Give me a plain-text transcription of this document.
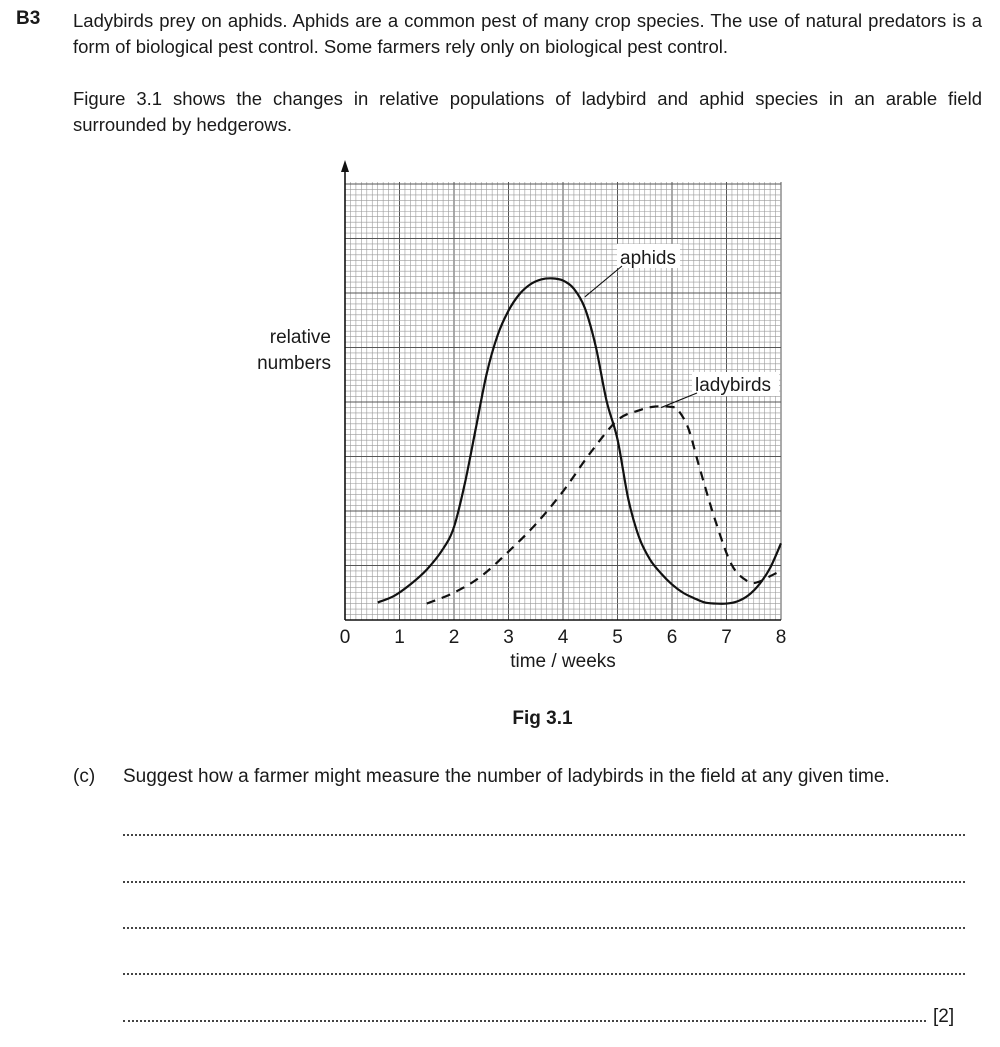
B3 Ladybirds prey on aphids. Aphids are a common pest of many crop species. The use of natural predators is a form of biological pest control. Some farmers rely only on biological pest control.

Figure 3.1 shows the changes in relative populations of ladybird and aphid species in an arable field surrounded by hedgerows.

0 1 2 3 4 5 6 7 8
time / weeks
relative
numbers
aphids
ladybirds
Fig 3.1
(c) Suggest how a farmer might measure the number of ladybirds in the field at any given time.
[2]
